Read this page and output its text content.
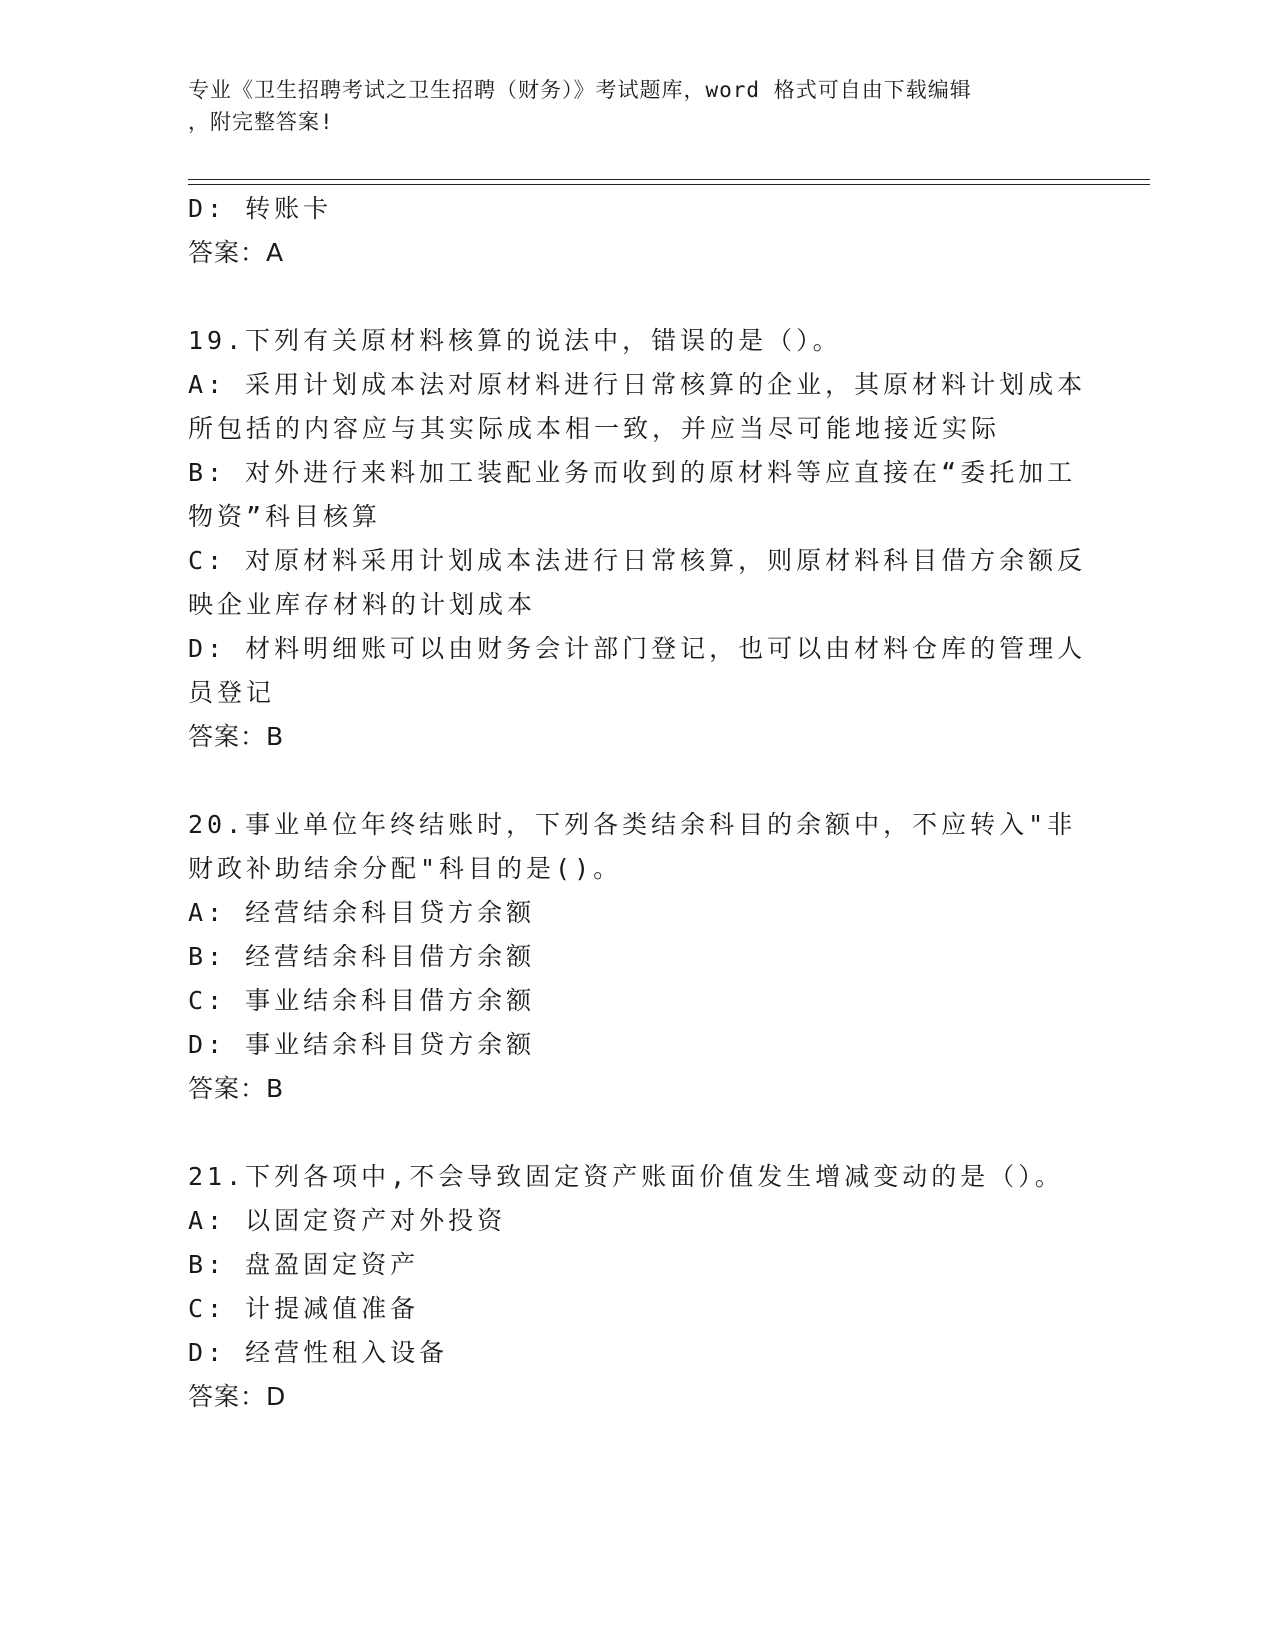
专业《卫生招聘考试之卫生招聘（财务）》考试题库，word 格式可自由下载编辑
，附完整答案!
D: 转账卡
答案：A
19.下列有关原材料核算的说法中，错误的是（）。
A: 采用计划成本法对原材料进行日常核算的企业，其原材料计划成本
所包括的内容应与其实际成本相一致，并应当尽可能地接近实际
B: 对外进行来料加工装配业务而收到的原材料等应直接在“委托加工
物资”科目核算
C: 对原材料采用计划成本法进行日常核算，则原材料科目借方余额反
映企业库存材料的计划成本
D: 材料明细账可以由财务会计部门登记，也可以由材料仓库的管理人
员登记
答案：B
20.事业单位年终结账时，下列各类结余科目的余额中，不应转入"非
财政补助结余分配"科目的是()。
A: 经营结余科目贷方余额
B: 经营结余科目借方余额
C: 事业结余科目借方余额
D: 事业结余科目贷方余额
答案：B
21.下列各项中,不会导致固定资产账面价值发生增减变动的是（）。
A: 以固定资产对外投资
B: 盘盈固定资产
C: 计提减值准备
D: 经营性租入设备
答案：D
